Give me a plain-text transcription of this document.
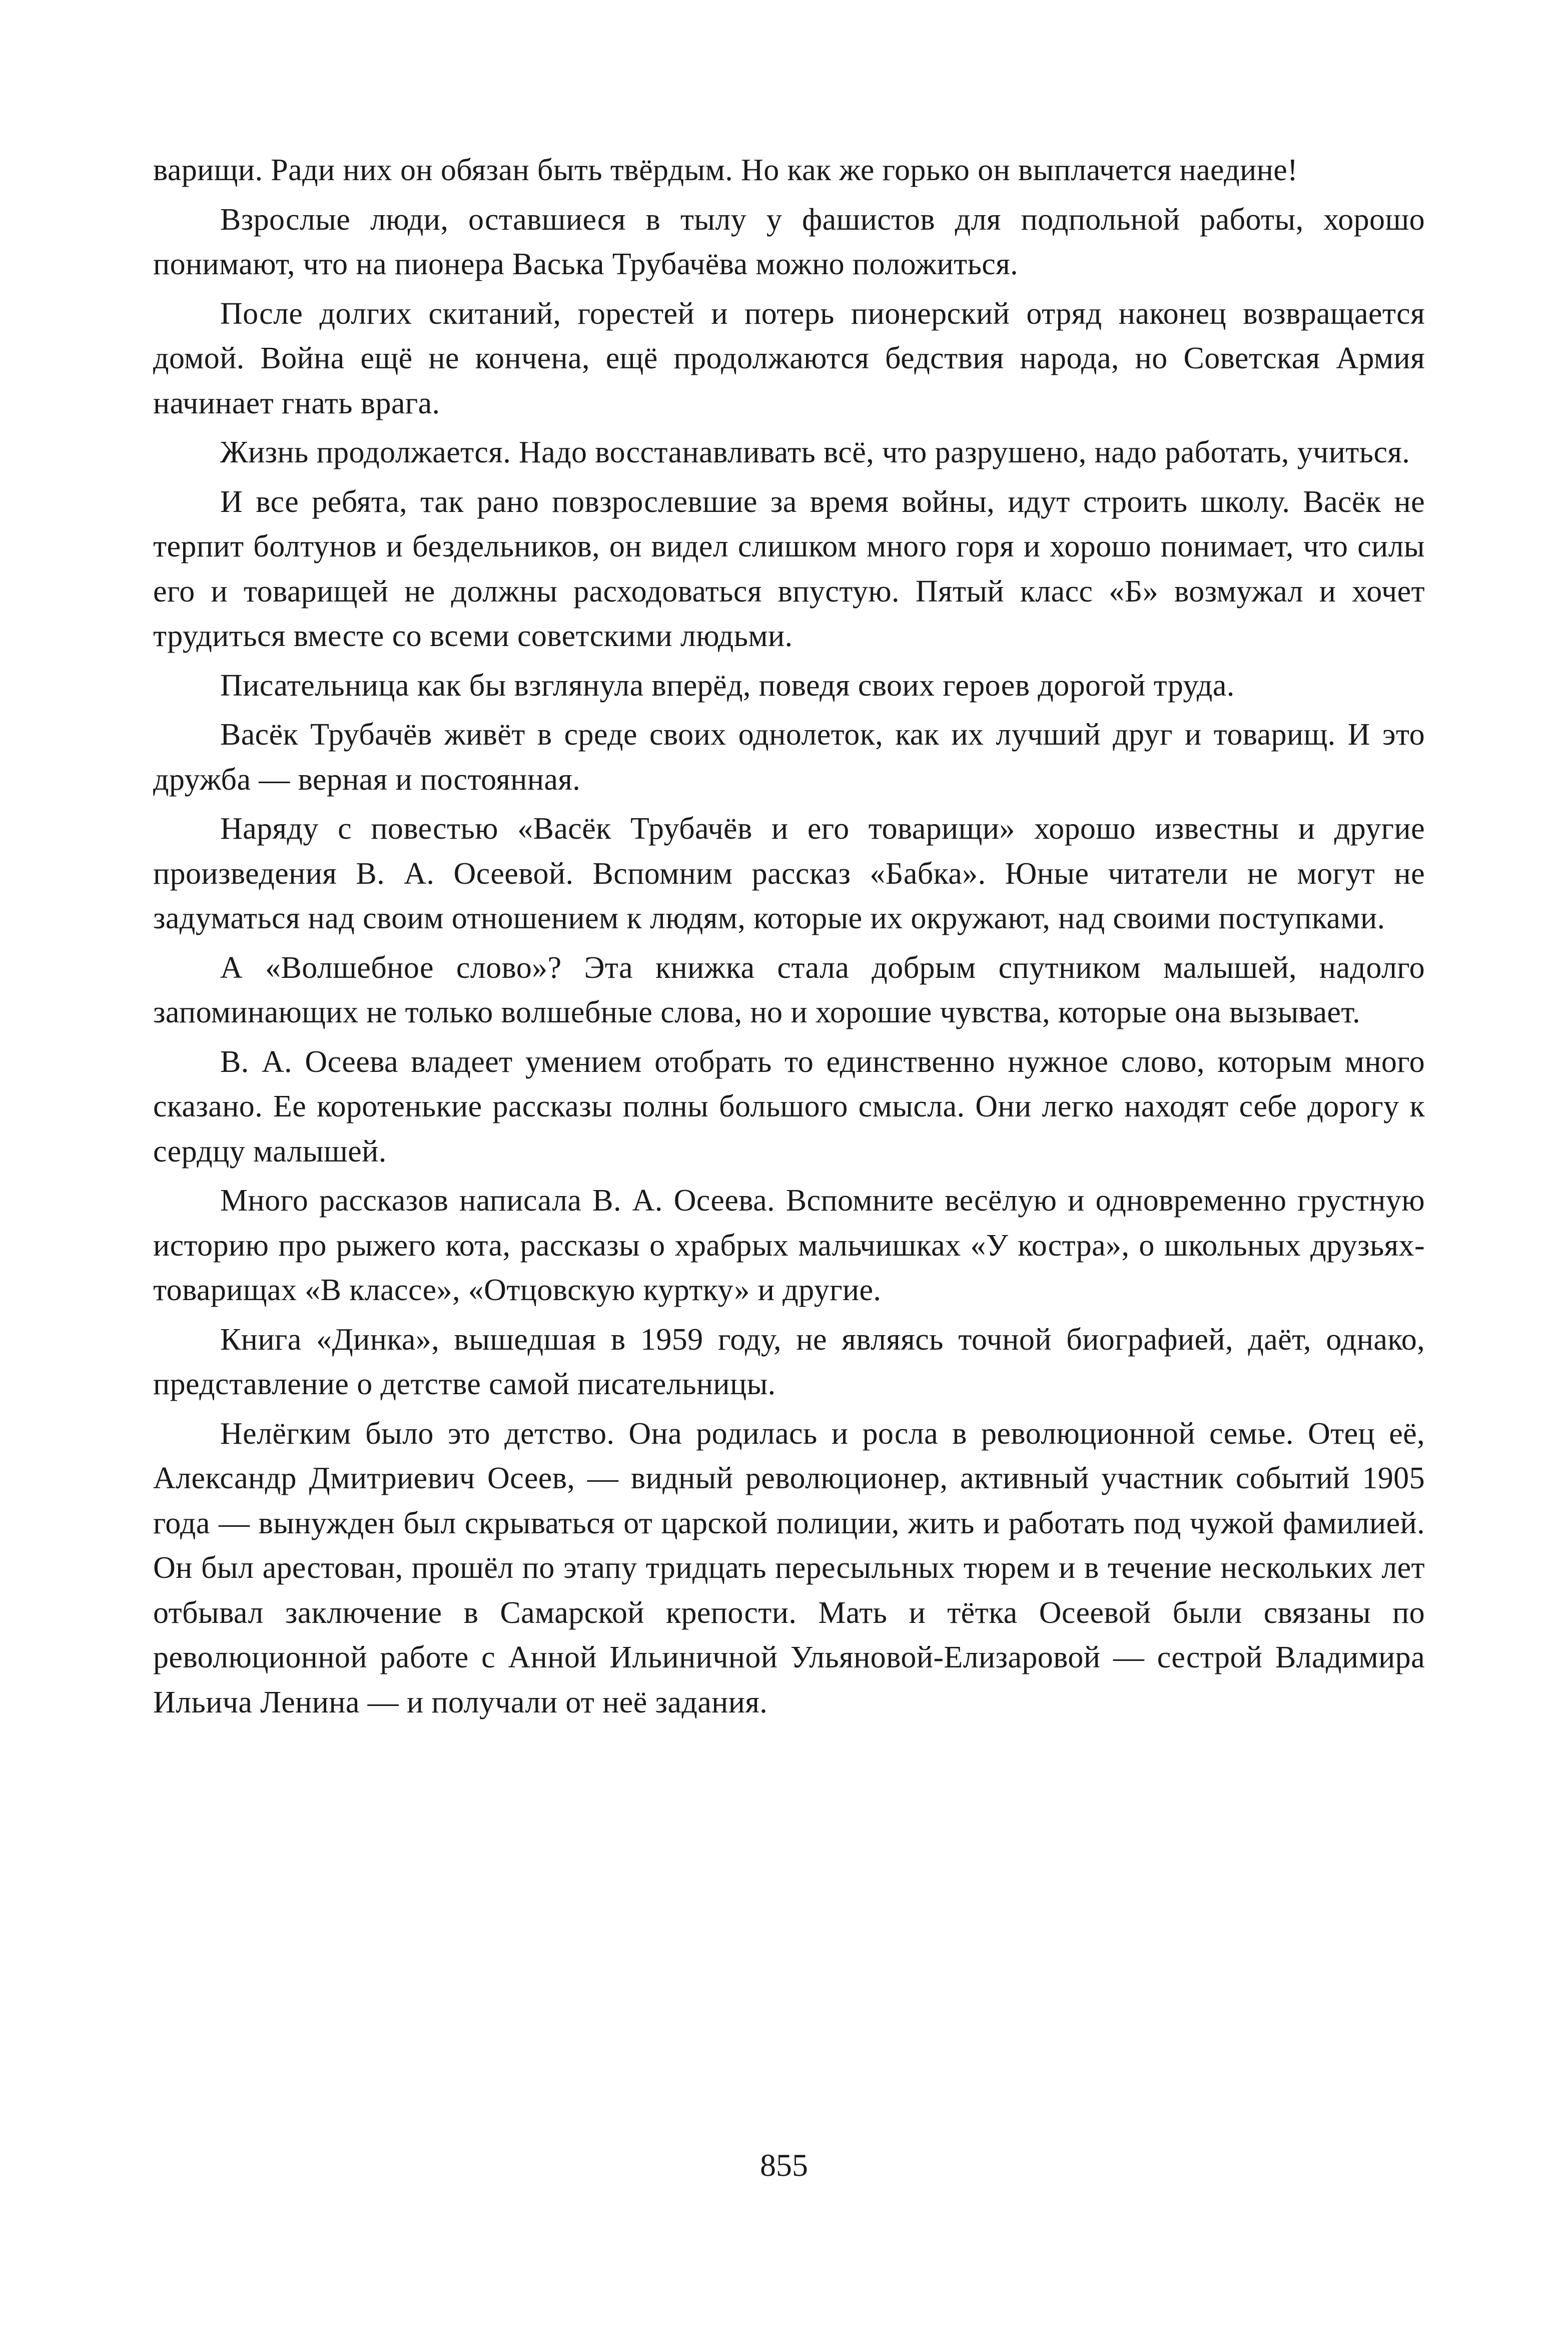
варищи. Ради них он обязан быть твёрдым. Но как же горько он выплачется наедине!

Взрослые люди, оставшиеся в тылу у фашистов для подпольной работы, хорошо понимают, что на пионера Васька Трубачёва можно положиться.

После долгих скитаний, горестей и потерь пионерский отряд наконец возвращается домой. Война ещё не кончена, ещё продолжаются бедствия народа, но Советская Армия начинает гнать врага.

Жизнь продолжается. Надо восстанавливать всё, что разрушено, надо работать, учиться.

И все ребята, так рано повзрослевшие за время войны, идут строить школу. Васёк не терпит болтунов и бездельников, он видел слишком много горя и хорошо понимает, что силы его и товарищей не должны расходоваться впустую. Пятый класс «Б» возмужал и хочет трудиться вместе со всеми советскими людьми.

Писательница как бы взглянула вперёд, поведя своих героев дорогой труда.

Васёк Трубачёв живёт в среде своих однолеток, как их лучший друг и товарищ. И это дружба — верная и постоянная.

Наряду с повестью «Васёк Трубачёв и его товарищи» хорошо известны и другие произведения В. А. Осеевой. Вспомним рассказ «Бабка». Юные читатели не могут не задуматься над своим отношением к людям, которые их окружают, над своими поступками.

А «Волшебное слово»? Эта книжка стала добрым спутником малышей, надолго запоминающих не только волшебные слова, но и хорошие чувства, которые она вызывает.

В. А. Осеева владеет умением отобрать то единственно нужное слово, которым много сказано. Ее коротенькие рассказы полны большого смысла. Они легко находят себе дорогу к сердцу малышей.

Много рассказов написала В. А. Осеева. Вспомните весёлую и одновременно грустную историю про рыжего кота, рассказы о храбрых мальчишках «У костра», о школьных друзьях-товарищах «В классе», «Отцовскую куртку» и другие.

Книга «Динка», вышедшая в 1959 году, не являясь точной биографией, даёт, однако, представление о детстве самой писательницы.

Нелёгким было это детство. Она родилась и росла в революционной семье. Отец её, Александр Дмитриевич Осеев, — видный революционер, активный участник событий 1905 года — вынужден был скрываться от царской полиции, жить и работать под чужой фамилией. Он был арестован, прошёл по этапу тридцать пересыльных тюрем и в течение нескольких лет отбывал заключение в Самарской крепости. Мать и тётка Осеевой были связаны по революционной работе с Анной Ильиничной Ульяновой-Елизаровой — сестрой Владимира Ильича Ленина — и получали от неё задания.

855
